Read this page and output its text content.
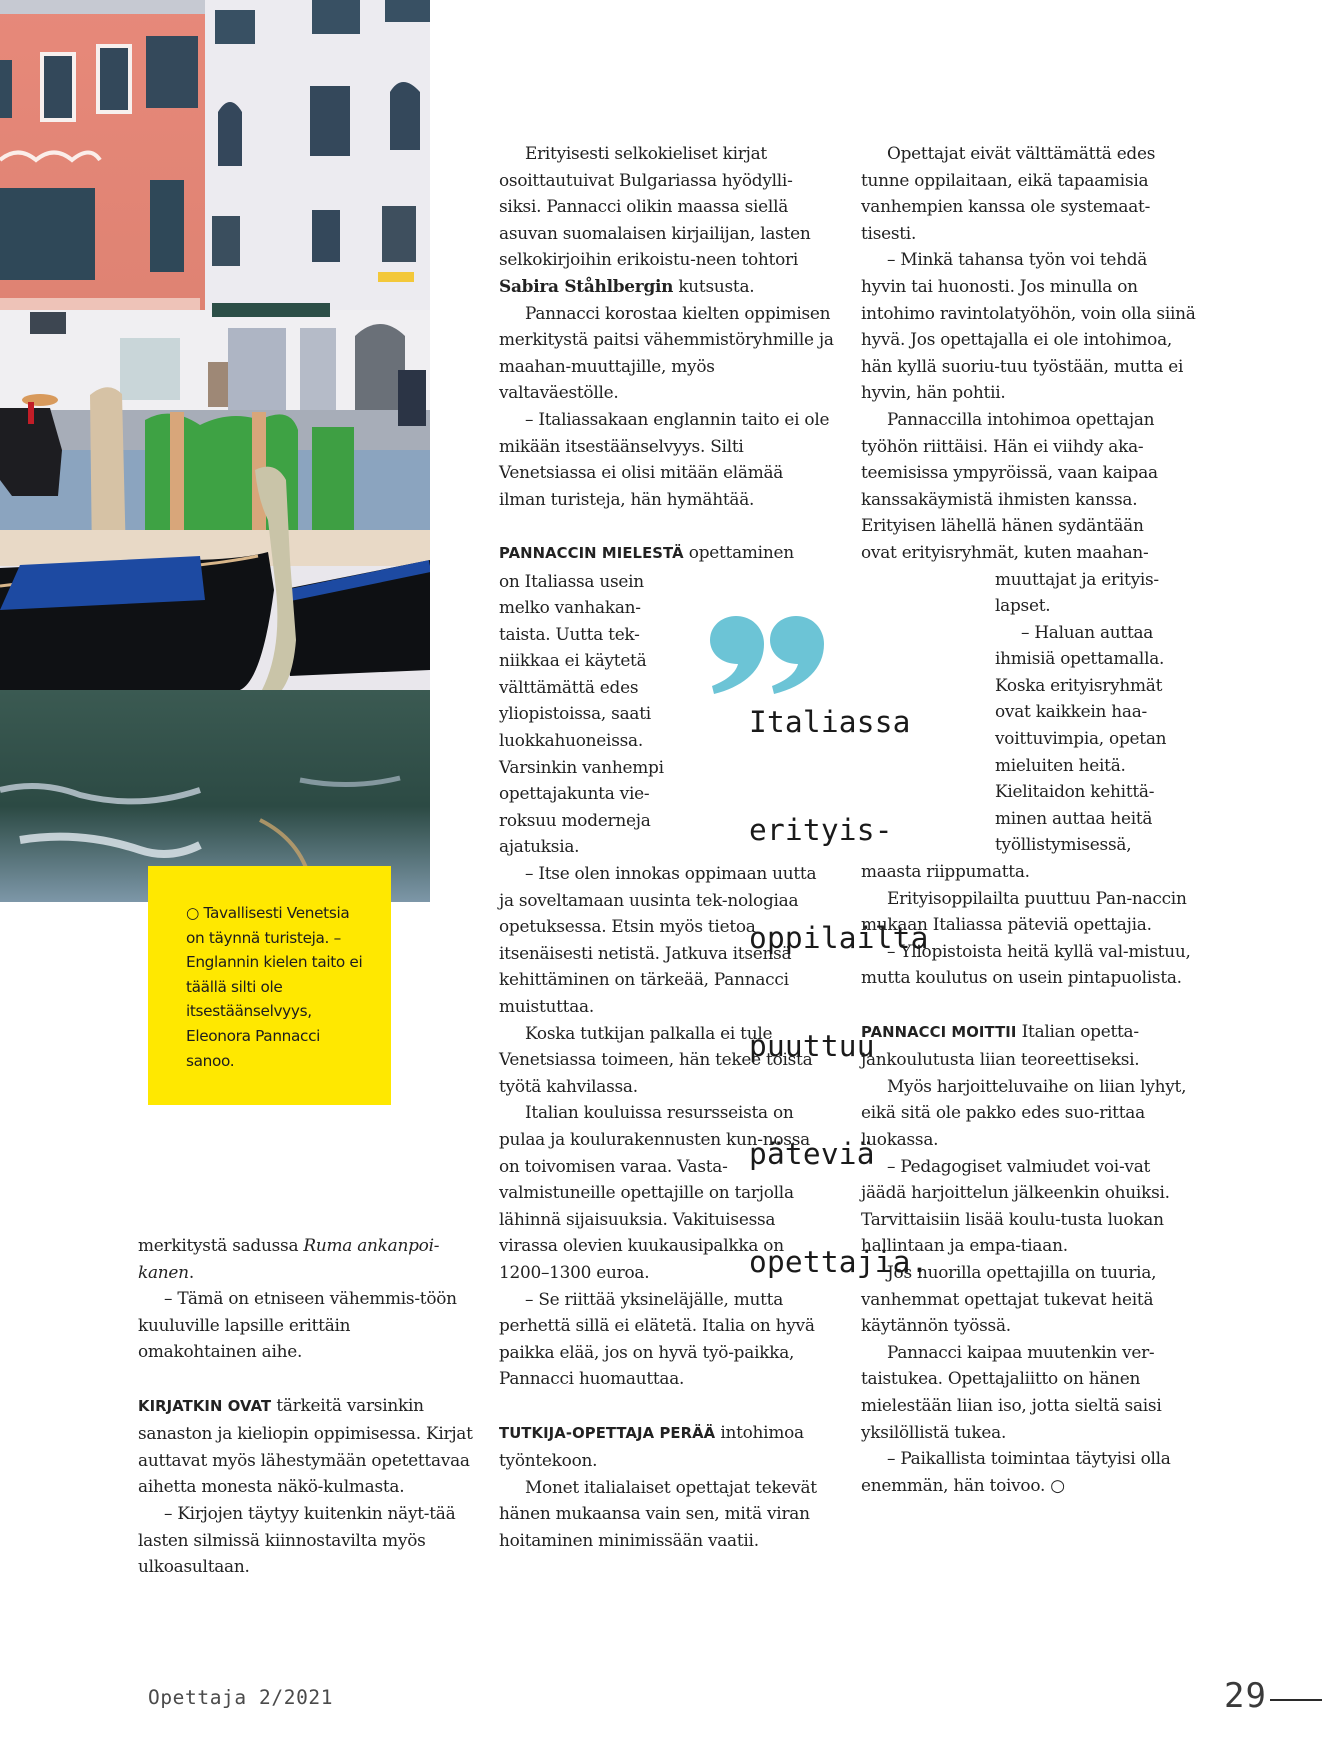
○ Tavallisesti Venetsia on täynnä turisteja. – Englannin kielen taito ei täällä silti ole itsestäänselvyys, Eleonora Pannacci sanoo.

merkitystä sadussa Ruma ankanpoi-kanen.

– Tämä on etniseen vähemmis-töön kuuluville lapsille erittäin omakohtainen aihe.

KIRJATKIN OVAT tärkeitä varsinkin sanaston ja kieliopin oppimisessa. Kirjat auttavat myös lähestymään opetettavaa aihetta monesta näkö-kulmasta.

– Kirjojen täytyy kuitenkin näyt-tää lasten silmissä kiinnostavilta myös ulkoasultaan.

Erityisesti selkokieliset kirjat osoittautuivat Bulgariassa hyödylli-siksi. Pannacci olikin maassa siellä asuvan suomalaisen kirjailijan, lasten selkokirjoihin erikoistu-neen tohtori Sabira Ståhlbergin kutsusta.

Pannacci korostaa kielten oppimisen merkitystä paitsi vähemmistöryhmille ja maahan-muuttajille, myös valtaväestölle.

– Italiassakaan englannin taito ei ole mikään itsestäänselvyys. Silti Venetsiassa ei olisi mitään elämää ilman turisteja, hän hymähtää.

PANNACCIN MIELESTÄ opettaminen
on Italiassa usein
melko vanhakan-
taista. Uutta tek-
niikkaa ei käytetä
välttämättä edes
yliopistoissa, saati
luokkahuoneissa.
Varsinkin vanhempi
opettajakunta vie-
roksuu moderneja
ajatuksia.

– Itse olen innokas oppimaan uutta ja soveltamaan uusinta tek-nologiaa opetuksessa. Etsin myös tietoa itsenäisesti netistä. Jatkuva itsensä kehittäminen on tärkeää, Pannacci muistuttaa.

Koska tutkijan palkalla ei tule Venetsiassa toimeen, hän tekee toista työtä kahvilassa.

Italian kouluissa resursseista on pulaa ja koulurakennusten kun-nossa on toivomisen varaa. Vasta-valmistuneille opettajille on tarjolla lähinnä sijaisuuksia. Vakituisessa virassa olevien kuukausipalkka on 1200–1300 euroa.

– Se riittää yksineläjälle, mutta perhettä sillä ei elätetä. Italia on hyvä paikka elää, jos on hyvä työ-paikka, Pannacci huomauttaa.

TUTKIJA-OPETTAJA PERÄÄ intohimoa työntekoon.

Monet italialaiset opettajat tekevät hänen mukaansa vain sen, mitä viran hoitaminen minimissään vaatii.

Opettajat eivät välttämättä edes tunne oppilaitaan, eikä tapaamisia vanhempien kanssa ole systemaat-tisesti.

– Minkä tahansa työn voi tehdä hyvin tai huonosti. Jos minulla on intohimo ravintolatyöhön, voin olla siinä hyvä. Jos opettajalla ei ole intohimoa, hän kyllä suoriu-tuu työstään, mutta ei hyvin, hän pohtii.

Pannaccilla intohimoa opettajan
työhön riittäisi. Hän ei viihdy aka-
teemisissa ympyröissä, vaan kaipaa
kanssakäymistä ihmisten kanssa.
Erityisen lähellä hänen sydäntään
ovat erityisryhmät, kuten maahan-
muuttajat ja erityis-
lapset.

– Haluan auttaa
ihmisiä opettamalla.
Koska erityisryhmät
ovat kaikkein haa-
voittuvimpia, opetan
mieluiten heitä.
Kielitaidon kehittä-
minen auttaa heitä
työllistymisessä,
maasta riippumatta.

Erityisoppilailta puuttuu Pan-naccin mukaan Italiassa päteviä opettajia.

– Yliopistoista heitä kyllä val-mistuu, mutta koulutus on usein pintapuolista.

PANNACCI MOITTII Italian opetta-jankoulutusta liian teoreettiseksi.

Myös harjoitteluvaihe on liian lyhyt, eikä sitä ole pakko edes suo-rittaa luokassa.

– Pedagogiset valmiudet voi-vat jäädä harjoittelun jälkeenkin ohuiksi. Tarvittaisiin lisää koulu-tusta luokan hallintaan ja empa-tiaan.

Jos nuorilla opettajilla on tuuria, vanhemmat opettajat tukevat heitä käytännön työssä.

Pannacci kaipaa muutenkin ver-taistukea. Opettajaliitto on hänen mielestään liian iso, jotta sieltä saisi yksilöllistä tukea.

– Paikallista toimintaa täytyisi olla enemmän, hän toivoo. ○

Italiassa

erityis-

oppilailta

puuttuu

päteviä

opettajia.

Opettaja 2/2021	29
